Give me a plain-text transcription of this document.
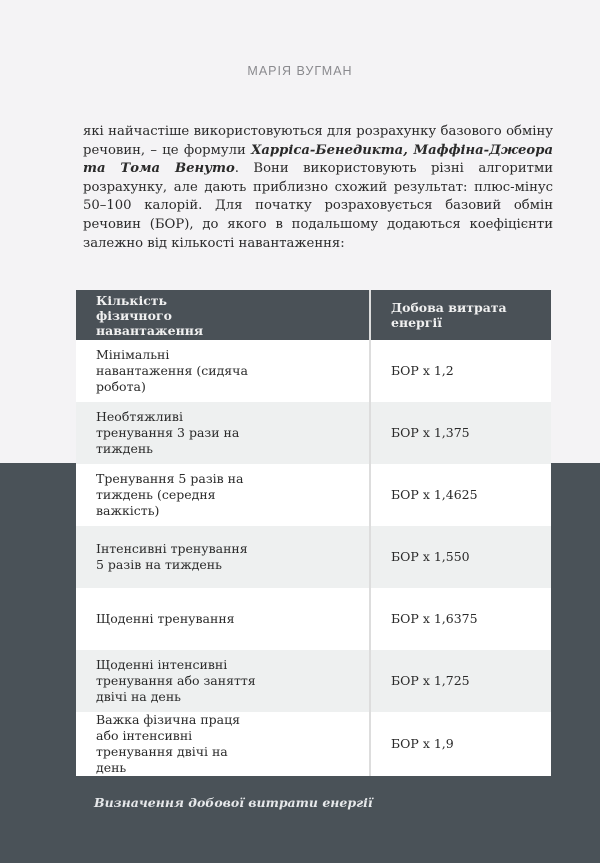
МАРІЯ ВУГМАН
які найчастіше використовуються для розрахунку базового обміну речовин, – це формули Харріса-Бенедикта, Маффіна-Джеора та Тома Венуто. Вони використовують різні алгоритми розрахунку, але дають приблизно схожий результат: плюс-мінус 50–100 калорій. Для початку розраховується базовий обмін речовин (БОР), до якого в подальшому додаються коефіцієнти залежно від кількості навантаження:
Кількість фізичного навантаження	Добова витрата енергії
Мінімальні навантаження (сидяча робота)	БОР x 1,2
Необтяжливі тренування 3 рази на тиждень	БОР x 1,375
Тренування 5 разів на тиждень (середня важкість)	БОР x 1,4625
Інтенсивні тренування 5 разів на тиждень	БОР x 1,550
Щоденні тренування	БОР x 1,6375
Щоденні інтенсивні тренування або заняття двічі на день	БОР x 1,725
Важка фізична праця або інтенсивні тренування двічі на день	БОР x 1,9
Визначення добової витрати енергії
